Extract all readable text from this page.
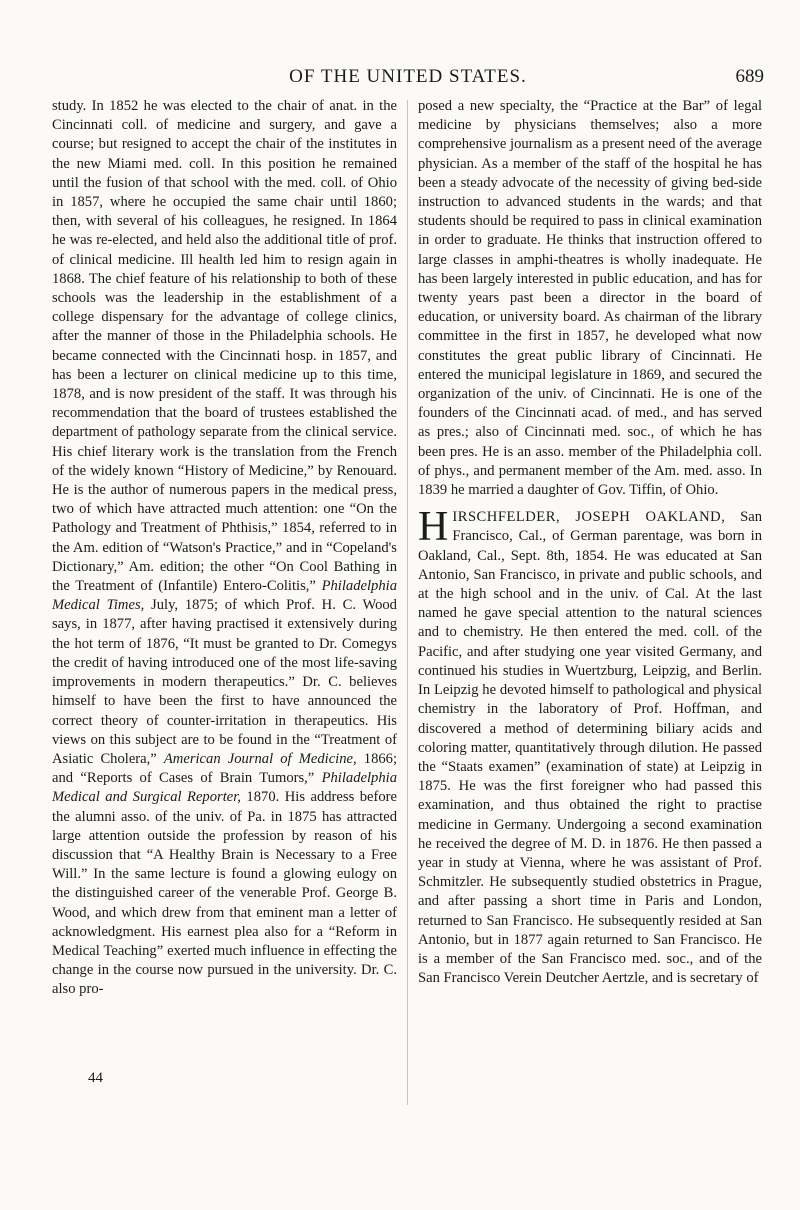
OF THE UNITED STATES.	689

study. In 1852 he was elected to the chair of anat. in the Cincinnati coll. of medicine and surgery, and gave a course; but resigned to accept the chair of the institutes in the new Miami med. coll. In this position he remained until the fusion of that school with the med. coll. of Ohio in 1857, where he occupied the same chair until 1860; then, with several of his colleagues, he resigned. In 1864 he was re-elected, and held also the additional title of prof. of clinical medicine. Ill health led him to resign again in 1868. The chief feature of his relationship to both of these schools was the leadership in the establishment of a college dispensary for the advantage of college clinics, after the manner of those in the Philadelphia schools. He became connected with the Cincinnati hosp. in 1857, and has been a lecturer on clinical medicine up to this time, 1878, and is now president of the staff. It was through his recommendation that the board of trustees established the department of pathology separate from the clinical service. His chief literary work is the translation from the French of the widely known “History of Medicine,” by Renouard. He is the author of numerous papers in the medical press, two of which have attracted much attention: one “On the Pathology and Treatment of Phthisis,” 1854, referred to in the Am. edition of “Watson's Practice,” and in “Copeland's Dictionary,” Am. edition; the other “On Cool Bathing in the Treatment of (Infantile) Entero-Colitis,” Philadelphia Medical Times, July, 1875; of which Prof. H. C. Wood says, in 1877, after having practised it extensively during the hot term of 1876, “It must be granted to Dr. Comegys the credit of having introduced one of the most life-saving improvements in modern therapeutics.” Dr. C. believes himself to have been the first to have announced the correct theory of counter-irritation in therapeutics. His views on this subject are to be found in the “Treatment of Asiatic Cholera,” American Journal of Medicine, 1866; and “Reports of Cases of Brain Tumors,” Philadelphia Medical and Surgical Reporter, 1870. His address before the alumni asso. of the univ. of Pa. in 1875 has attracted large attention outside the profession by reason of his discussion that “A Healthy Brain is Necessary to a Free Will.” In the same lecture is found a glowing eulogy on the distinguished career of the venerable Prof. George B. Wood, and which drew from that eminent man a letter of acknowledgment. His earnest plea also for a “Reform in Medical Teaching” exerted much influence in effecting the change in the course now pursued in the university. Dr. C. also pro-

44

posed a new specialty, the “Practice at the Bar” of legal medicine by physicians themselves; also a more comprehensive journalism as a present need of the average physician. As a member of the staff of the hospital he has been a steady advocate of the necessity of giving bed-side instruction to advanced students in the wards; and that students should be required to pass in clinical examination in order to graduate. He thinks that instruction offered to large classes in amphi-theatres is wholly inadequate. He has been largely interested in public education, and has for twenty years past been a director in the board of education, or university board. As chairman of the library committee in the first in 1857, he developed what now constitutes the great public library of Cincinnati. He entered the municipal legislature in 1869, and secured the organization of the univ. of Cincinnati. He is one of the founders of the Cincinnati acad. of med., and has served as pres.; also of Cincinnati med. soc., of which he has been pres. He is an asso. member of the Philadelphia coll. of phys., and permanent member of the Am. med. asso. In 1839 he married a daughter of Gov. Tiffin, of Ohio.

HIRSCHFELDER, JOSEPH OAKLAND, San Francisco, Cal., of German parentage, was born in Oakland, Cal., Sept. 8th, 1854. He was educated at San Antonio, San Francisco, in private and public schools, and at the high school and in the univ. of Cal. At the last named he gave special attention to the natural sciences and to chemistry. He then entered the med. coll. of the Pacific, and after studying one year visited Germany, and continued his studies in Wuertzburg, Leipzig, and Berlin. In Leipzig he devoted himself to pathological and physical chemistry in the laboratory of Prof. Hoffman, and discovered a method of determining biliary acids and coloring matter, quantitatively through dilution. He passed the “Staats examen” (examination of state) at Leipzig in 1875. He was the first foreigner who had passed this examination, and thus obtained the right to practise medicine in Germany. Undergoing a second examination he received the degree of M. D. in 1876. He then passed a year in study at Vienna, where he was assistant of Prof. Schmitzler. He subsequently studied obstetrics in Prague, and after passing a short time in Paris and London, returned to San Francisco. He subsequently resided at San Antonio, but in 1877 again returned to San Francisco. He is a member of the San Francisco med. soc., and of the San Francisco Verein Deutcher Aertzle, and is secretary of
